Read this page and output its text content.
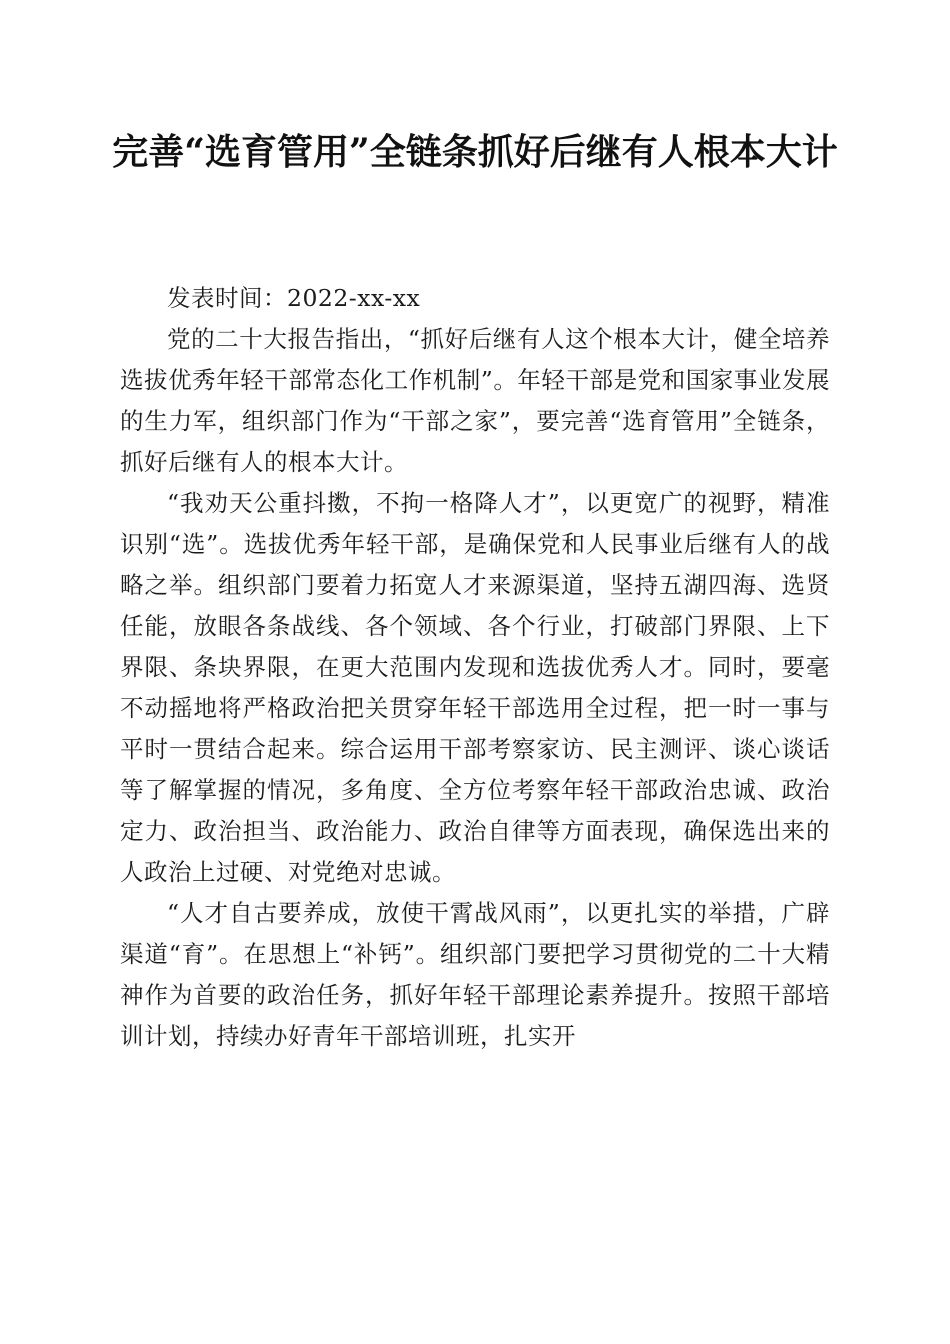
完善“选育管用”全链条抓好后继有人根本大计

发表时间：2022-xx-xx

党的二十大报告指出，“抓好后继有人这个根本大计，健全培养选拔优秀年轻干部常态化工作机制”。年轻干部是党和国家事业发展的生力军，组织部门作为“干部之家”，要完善“选育管用”全链条，抓好后继有人的根本大计。

“我劝天公重抖擞，不拘一格降人才”，以更宽广的视野，精准识别“选”。选拔优秀年轻干部，是确保党和人民事业后继有人的战略之举。组织部门要着力拓宽人才来源渠道，坚持五湖四海、选贤任能，放眼各条战线、各个领域、各个行业，打破部门界限、上下界限、条块界限，在更大范围内发现和选拔优秀人才。同时，要毫不动摇地将严格政治把关贯穿年轻干部选用全过程，把一时一事与平时一贯结合起来。综合运用干部考察家访、民主测评、谈心谈话等了解掌握的情况，多角度、全方位考察年轻干部政治忠诚、政治定力、政治担当、政治能力、政治自律等方面表现，确保选出来的人政治上过硬、对党绝对忠诚。

“人才自古要养成，放使干霄战风雨”，以更扎实的举措，广辟渠道“育”。在思想上“补钙”。组织部门要把学习贯彻党的二十大精神作为首要的政治任务，抓好年轻干部理论素养提升。按照干部培训计划，持续办好青年干部培训班，扎实开
